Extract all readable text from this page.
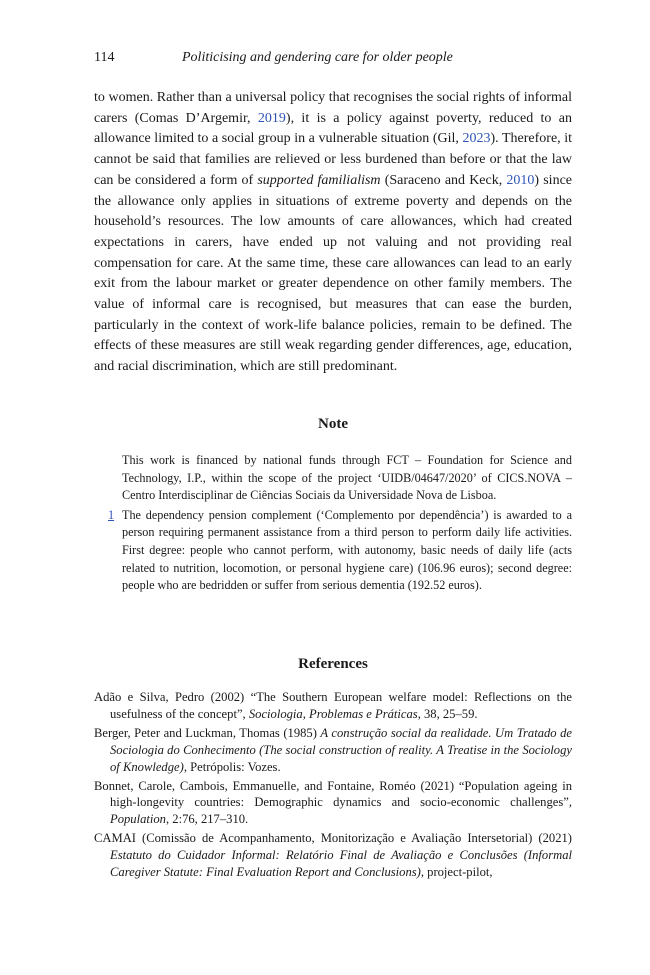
114	Politicising and gendering care for older people

to women. Rather than a universal policy that recognises the social rights of informal carers (Comas D’Argemir, 2019), it is a policy against poverty, reduced to an allowance limited to a social group in a vulnerable situation (Gil, 2023). Therefore, it cannot be said that families are relieved or less burdened than before or that the law can be considered a form of supported familialism (Saraceno and Keck, 2010) since the allowance only applies in situations of extreme poverty and depends on the household’s resources. The low amounts of care allowances, which had created expectations in carers, have ended up not valuing and not providing real compensation for care. At the same time, these care allowances can lead to an early exit from the labour market or greater dependence on other family members. The value of informal care is recognised, but measures that can ease the burden, particularly in the context of work-life balance policies, remain to be defined. The effects of these measures are still weak regarding gender differences, age, education, and racial discrimination, which are still predominant.

Note

This work is financed by national funds through FCT – Foundation for Science and Technology, I.P., within the scope of the project ‘UIDB/04647/2020’ of CICS.NOVA – Centro Interdisciplinar de Ciências Sociais da Universidade Nova de Lisboa.

1 The dependency pension complement (‘Complemento por dependência’) is awarded to a person requiring permanent assistance from a third person to perform daily life activities. First degree: people who cannot perform, with autonomy, basic needs of daily life (acts related to nutrition, locomotion, or personal hygiene care) (106.96 euros); second degree: people who are bedridden or suffer from serious dementia (192.52 euros).

References

Adão e Silva, Pedro (2002) “The Southern European welfare model: Reflections on the usefulness of the concept”, Sociologia, Problemas e Práticas, 38, 25–59.

Berger, Peter and Luckman, Thomas (1985) A construção social da realidade. Um Tratado de Sociologia do Conhecimento (The social construction of reality. A Treatise in the Sociology of Knowledge), Petrópolis: Vozes.

Bonnet, Carole, Cambois, Emmanuelle, and Fontaine, Roméo (2021) “Population ageing in high-longevity countries: Demographic dynamics and socio-economic challenges”, Population, 2:76, 217–310.

CAMAI (Comissão de Acompanhamento, Monitorização e Avaliação Intersetorial) (2021) Estatuto do Cuidador Informal: Relatório Final de Avaliação e Conclusões (Informal Caregiver Statute: Final Evaluation Report and Conclusions), project-pilot,
